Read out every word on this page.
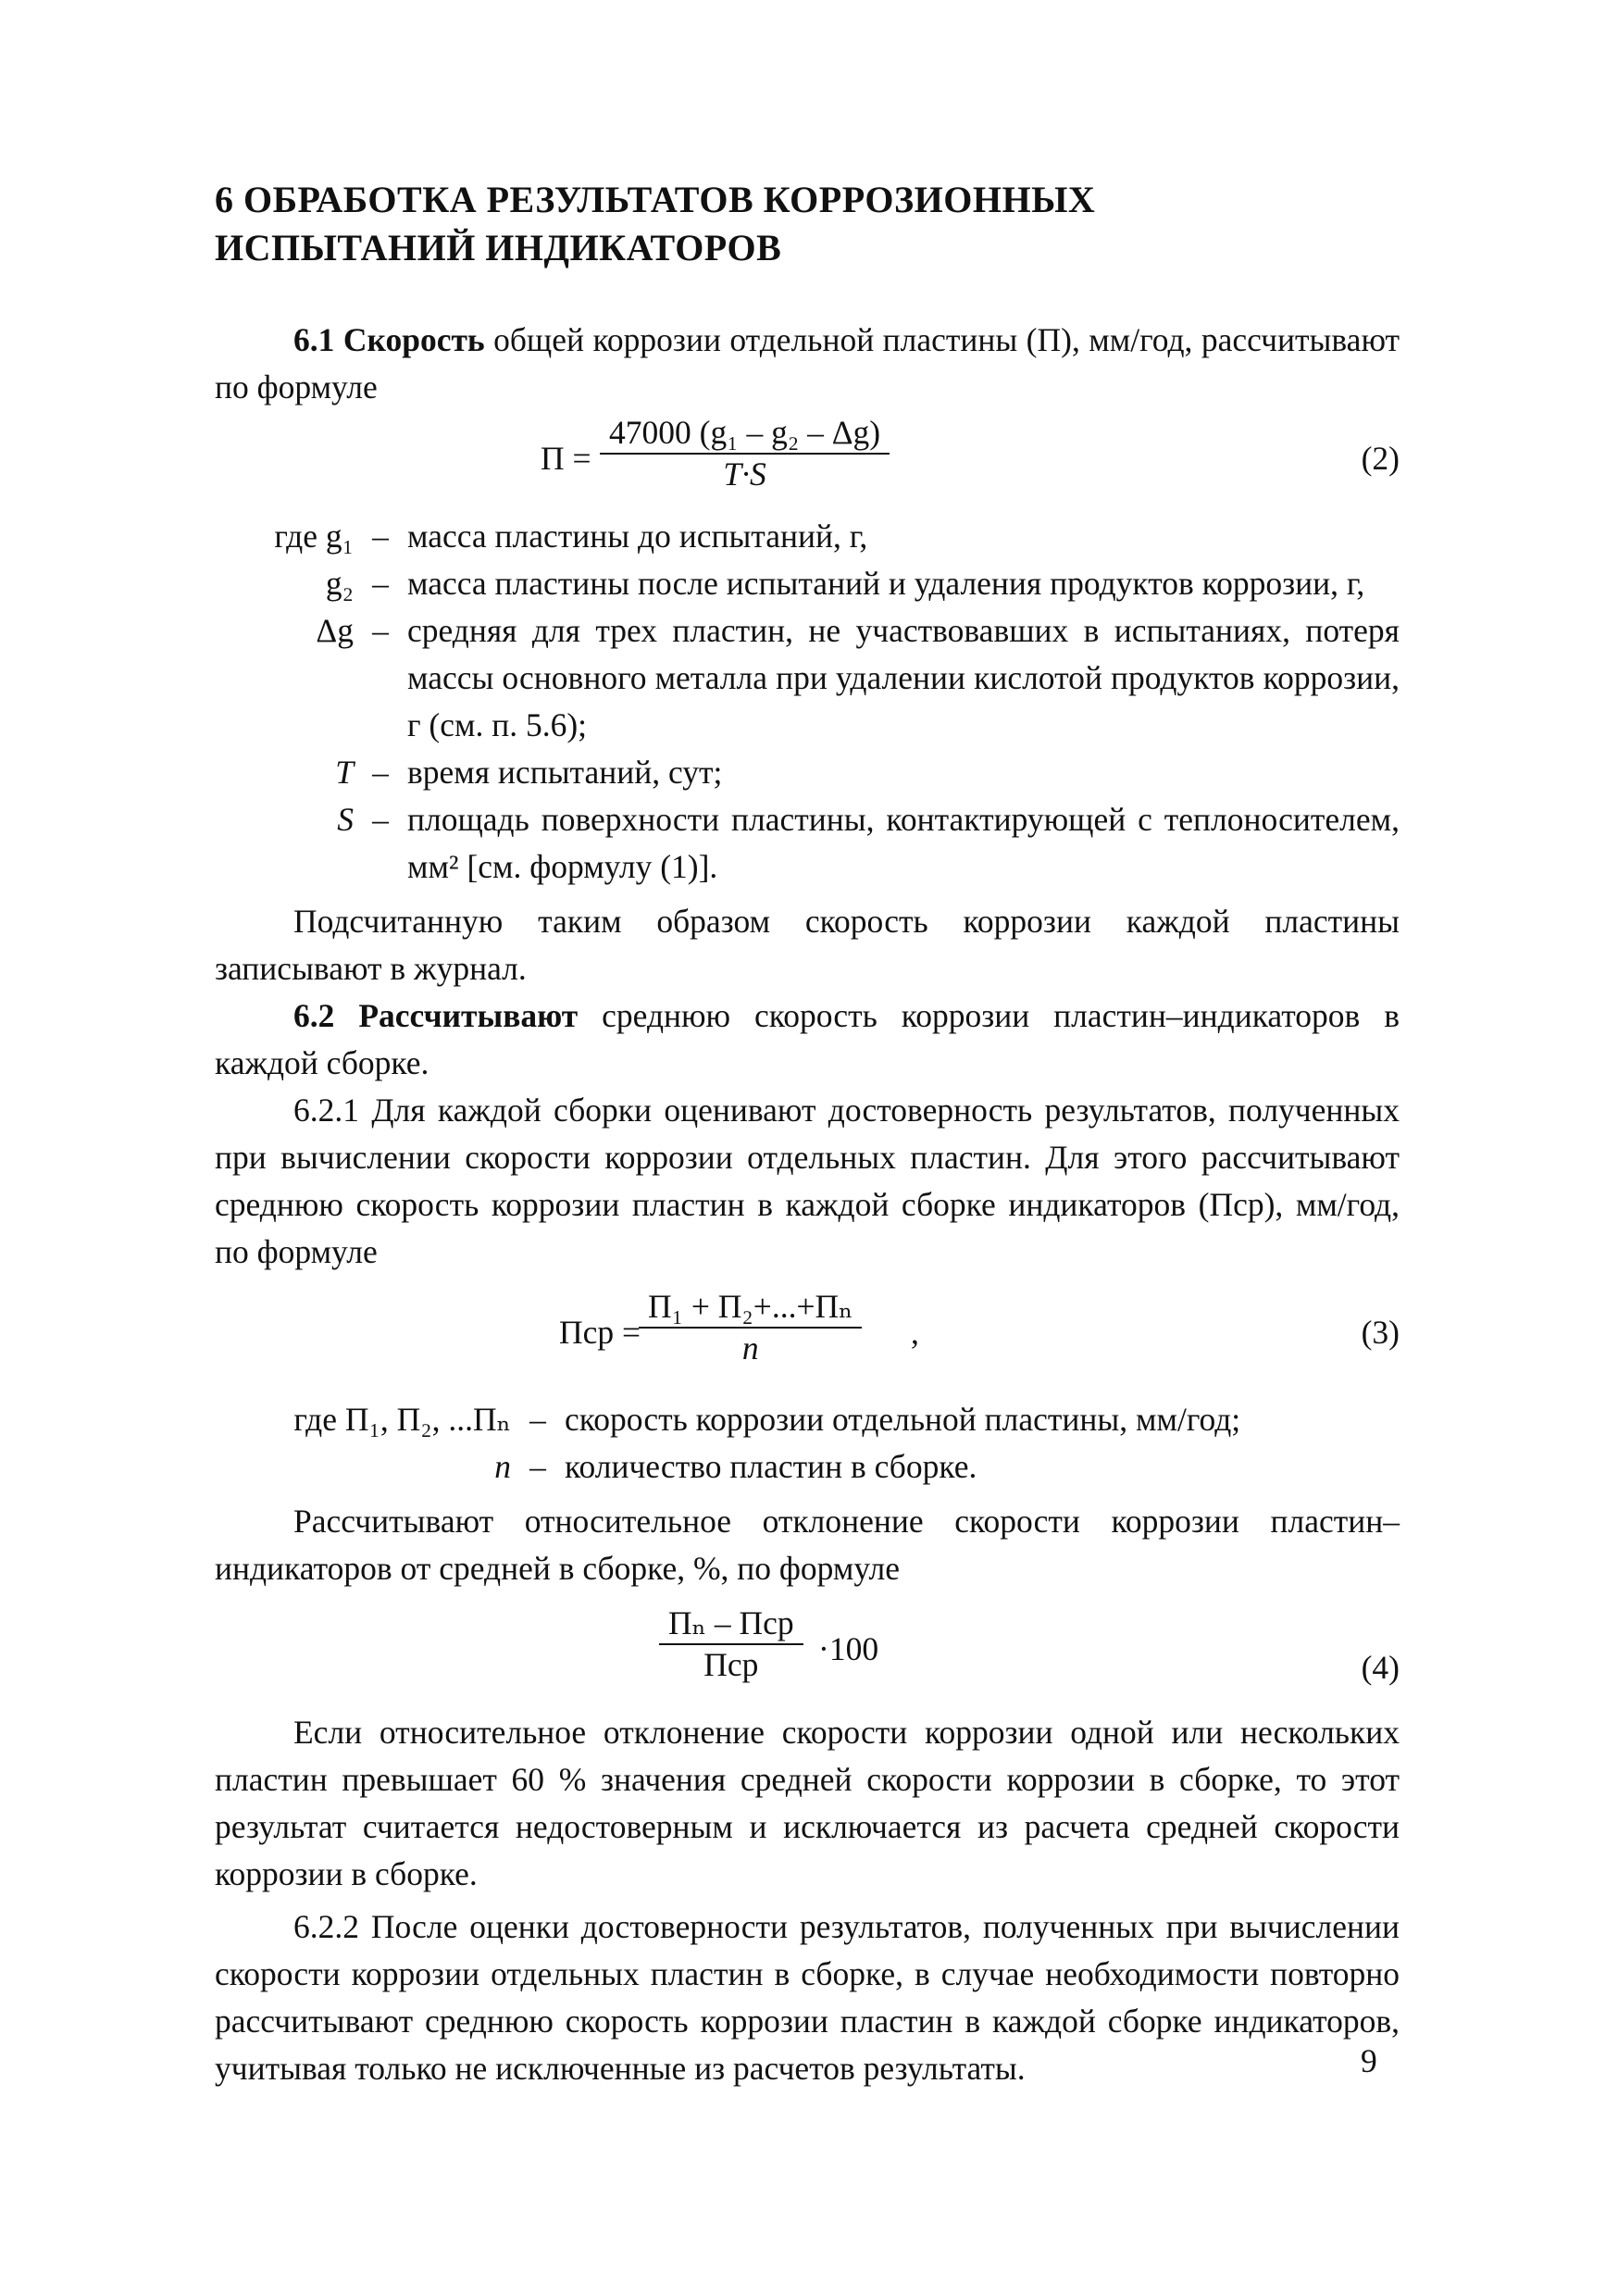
6 ОБРАБОТКА РЕЗУЛЬТАТОВ КОРРОЗИОННЫХ
ИСПЫТАНИЙ ИНДИКАТОРОВ

6.1 Скорость общей коррозии отдельной пластины (П), мм/год, рассчитывают по формуле

П =
47000 (g₁ – g₂ – Δg)
T·S	(2)
где g₁ – масса пластины до испытаний, г,
g₂ – масса пластины после испытаний и удаления продуктов коррозии, г,
Δg – средняя для трех пластин, не участвовавших в испытаниях, потеря массы основного металла при удалении кислотой продуктов коррозии, г (см. п. 5.6);
T – время испытаний, сут;
S – площадь поверхности пластины, контактирующей с теплоносителем, мм² [см. формулу (1)].

Подсчитанную таким образом скорость коррозии каждой пластины записывают в журнал.

6.2 Рассчитывают среднюю скорость коррозии пластин–индикаторов в каждой сборке.

6.2.1 Для каждой сборки оценивают достоверность результатов, полученных при вычислении скорости коррозии отдельных пластин. Для этого рассчитывают среднюю скорость коррозии пластин в каждой сборке индикаторов (Пср), мм/год, по формуле

Пср =
П₁ + П₂+...+Пₙ
n	,	(3)
где П₁, П₂, ...Пₙ – скорость коррозии отдельной пластины, мм/год;
n – количество пластин в сборке.

Рассчитывают относительное отклонение скорости коррозии пластин–индикаторов от средней в сборке, %, по формуле

Пₙ – Пср
Пср ·100	(4)

Если относительное отклонение скорости коррозии одной или нескольких пластин превышает 60 % значения средней скорости коррозии в сборке, то этот результат считается недостоверным и исключается из расчета средней скорости коррозии в сборке.

6.2.2 После оценки достоверности результатов, полученных при вычислении скорости коррозии отдельных пластин в сборке, в случае необходимости повторно рассчитывают среднюю скорость коррозии пластин в каждой сборке индикаторов, учитывая только не исключенные из расчетов результаты.	9
